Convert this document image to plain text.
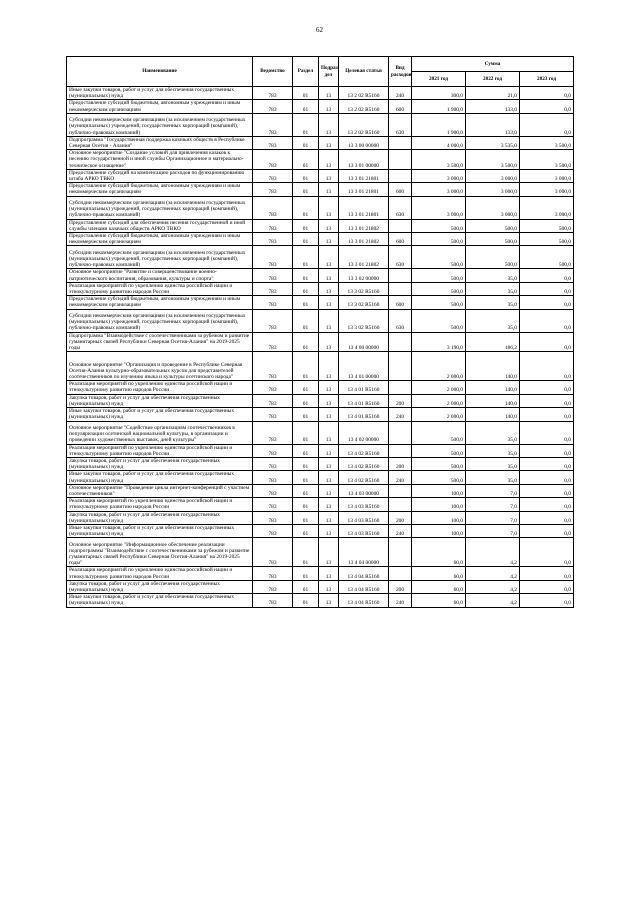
62
Наименование	Ведомство	Раздел	Подраз-дел	Целевая статья	Вид расходов	Сумма		
						2021 год	2022 год	2023 год
Иные закупки товаров, работ и услуг для обеспечения государственных (муниципальных) нужд	783	01	13	13 2 02 R5160	240	300,0	21,0	0,0
Предоставление субсидий бюджетным, автономным учреждениям и иным некоммерческим организациям	783	01	13	13 2 02 R5160	600	1 900,0	133,0	0,0
Субсидии некоммерческим организациям (за исключением государственных (муниципальных) учреждений, государственных корпораций (компаний), публично-правовых компаний)	783	01	13	13 2 02 R5160	630	1 900,0	133,0	0,0
Подпрограмма "Государственная поддержка казачьих обществ в Республике Северная Осетия - Алания"	783	01	13	13 3 00 00000		4 000,0	3 535,0	3 500,0
Основное мероприятие "Создание условий для привлечения казаков к несению государственной и иной службы Организационное и материально-техническое оснащение"	783	01	13	13 3 01 00000		3 500,0	3 500,0	3 500,0
Предоставление субсидий на компенсацию расходов по функционированию штаба АРКО ТВКО	783	01	13	13 3 01 21801		3 000,0	3 000,0	3 000,0
Предоставление субсидий бюджетным, автономным учреждениям и иным некоммерческим организациям	783	01	13	13 3 01 21801	600	3 000,0	3 000,0	3 000,0
Субсидии некоммерческим организациям (за исключением государственных (муниципальных) учреждений, государственных корпораций (компаний), публично-правовых компаний)	783	01	13	13 3 01 21801	630	3 000,0	3 000,0	3 000,0
Предоставление субсидий для обеспечения несения государственной и иной службы членами казачьих обществ АРКО ТВКО	783	01	13	13 3 01 21802		500,0	500,0	500,0
Предоставление субсидий бюджетным, автономным учреждениям и иным некоммерческим организациям	783	01	13	13 3 01 21802	600	500,0	500,0	500,0
Субсидии некоммерческим организациям (за исключением государственных (муниципальных) учреждений, государственных корпораций (компаний), публично-правовых компаний)	783	01	13	13 3 01 21802	630	500,0	500,0	500,0
Основное мероприятие "Развитие и совершенствование военно-патриотического воспитания, образования, культуры и спорта"	783	01	13	13 3 02 00000		500,0	35,0	0,0
Реализация мероприятий по укреплению единства российской нации и этнокультурному развитию народов России	783	01	13	13 3 02 R5160		500,0	35,0	0,0
Предоставление субсидий бюджетным, автономным учреждениям и иным некоммерческим организациям	783	01	13	13 3 02 R5160	600	500,0	35,0	0,0
Субсидии некоммерческим организациям (за исключением государственных (муниципальных) учреждений, государственных корпораций (компаний), публично-правовых компаний)	783	01	13	13 3 02 R5160	630	500,0	35,0	0,0
Подпрограмма "Взаимодействие с соотечественниками за рубежом и развитие гуманитарных связей Республики Северная Осетия-Алания" на 2019-2025 годы	783	01	13	13 4 00 00000		3 190,0	186,2	0,0
Основное мероприятие "Организация и проведение в Республике Северная Осетия-Алания культурно-образовательных курсов для представителей соотечественников по изучению языка и культуры осетинского народа"	783	01	13	13 4 01 00000		2 000,0	140,0	0,0
Реализация мероприятий по укреплению единства российской нации и этнокультурному развитию народов России	783	01	13	13 4 01 R5160		2 000,0	140,0	0,0
Закупка товаров, работ и услуг для обеспечения государственных (муниципальных) нужд	783	01	13	13 4 01 R5160	200	2 000,0	140,0	0,0
Иные закупки товаров, работ и услуг для обеспечения государственных (муниципальных) нужд	783	01	13	13 4 01 R5160	240	2 000,0	140,0	0,0
Основное мероприятие "Содействие организациям соотечественников в популяризации осетинской национальной культуры, в организации и проведении художественных выставок, дней культуры"	783	01	13	13 4 02 00000		500,0	35,0	0,0
Реализация мероприятий по укреплению единства российской нации и этнокультурному развитию народов России	783	01	13	13 4 02 R5160		500,0	35,0	0,0
Закупка товаров, работ и услуг для обеспечения государственных (муниципальных) нужд	783	01	13	13 4 02 R5160	200	500,0	35,0	0,0
Иные закупки товаров, работ и услуг для обеспечения государственных (муниципальных) нужд	783	01	13	13 4 02 R5160	240	500,0	35,0	0,0
Основное мероприятие "Проведение цикла интернет-конференций с участием соотечественников"	783	01	13	13 4 03 00000		100,0	7,0	0,0
Реализация мероприятий по укреплению единства российской нации и этнокультурному развитию народов России	783	01	13	13 4 03 R5160		100,0	7,0	0,0
Закупка товаров, работ и услуг для обеспечения государственных (муниципальных) нужд	783	01	13	13 4 03 R5160	200	100,0	7,0	0,0
Иные закупки товаров, работ и услуг для обеспечения государственных (муниципальных) нужд	783	01	13	13 4 03 R5160	240	100,0	7,0	0,0
Основное мероприятие "Информационное обеспечение реализации подпрограммы "Взаимодействие с соотечественниками за рубежом и развитие гуманитарных связей Республики Северная Осетия-Алания" на 2019-2025 годы"	783	01	13	13 4 04 00000		60,0	4,2	0,0
Реализация мероприятий по укреплению единства российской нации и этнокультурному развитию народов России	783	01	13	13 4 04 R5160		60,0	4,2	0,0
Закупка товаров, работ и услуг для обеспечения государственных (муниципальных) нужд	783	01	13	13 4 04 R5160	200	60,0	4,2	0,0
Иные закупки товаров, работ и услуг для обеспечения государственных (муниципальных) нужд	783	01	13	13 4 04 R5160	240	60,0	4,2	0,0
